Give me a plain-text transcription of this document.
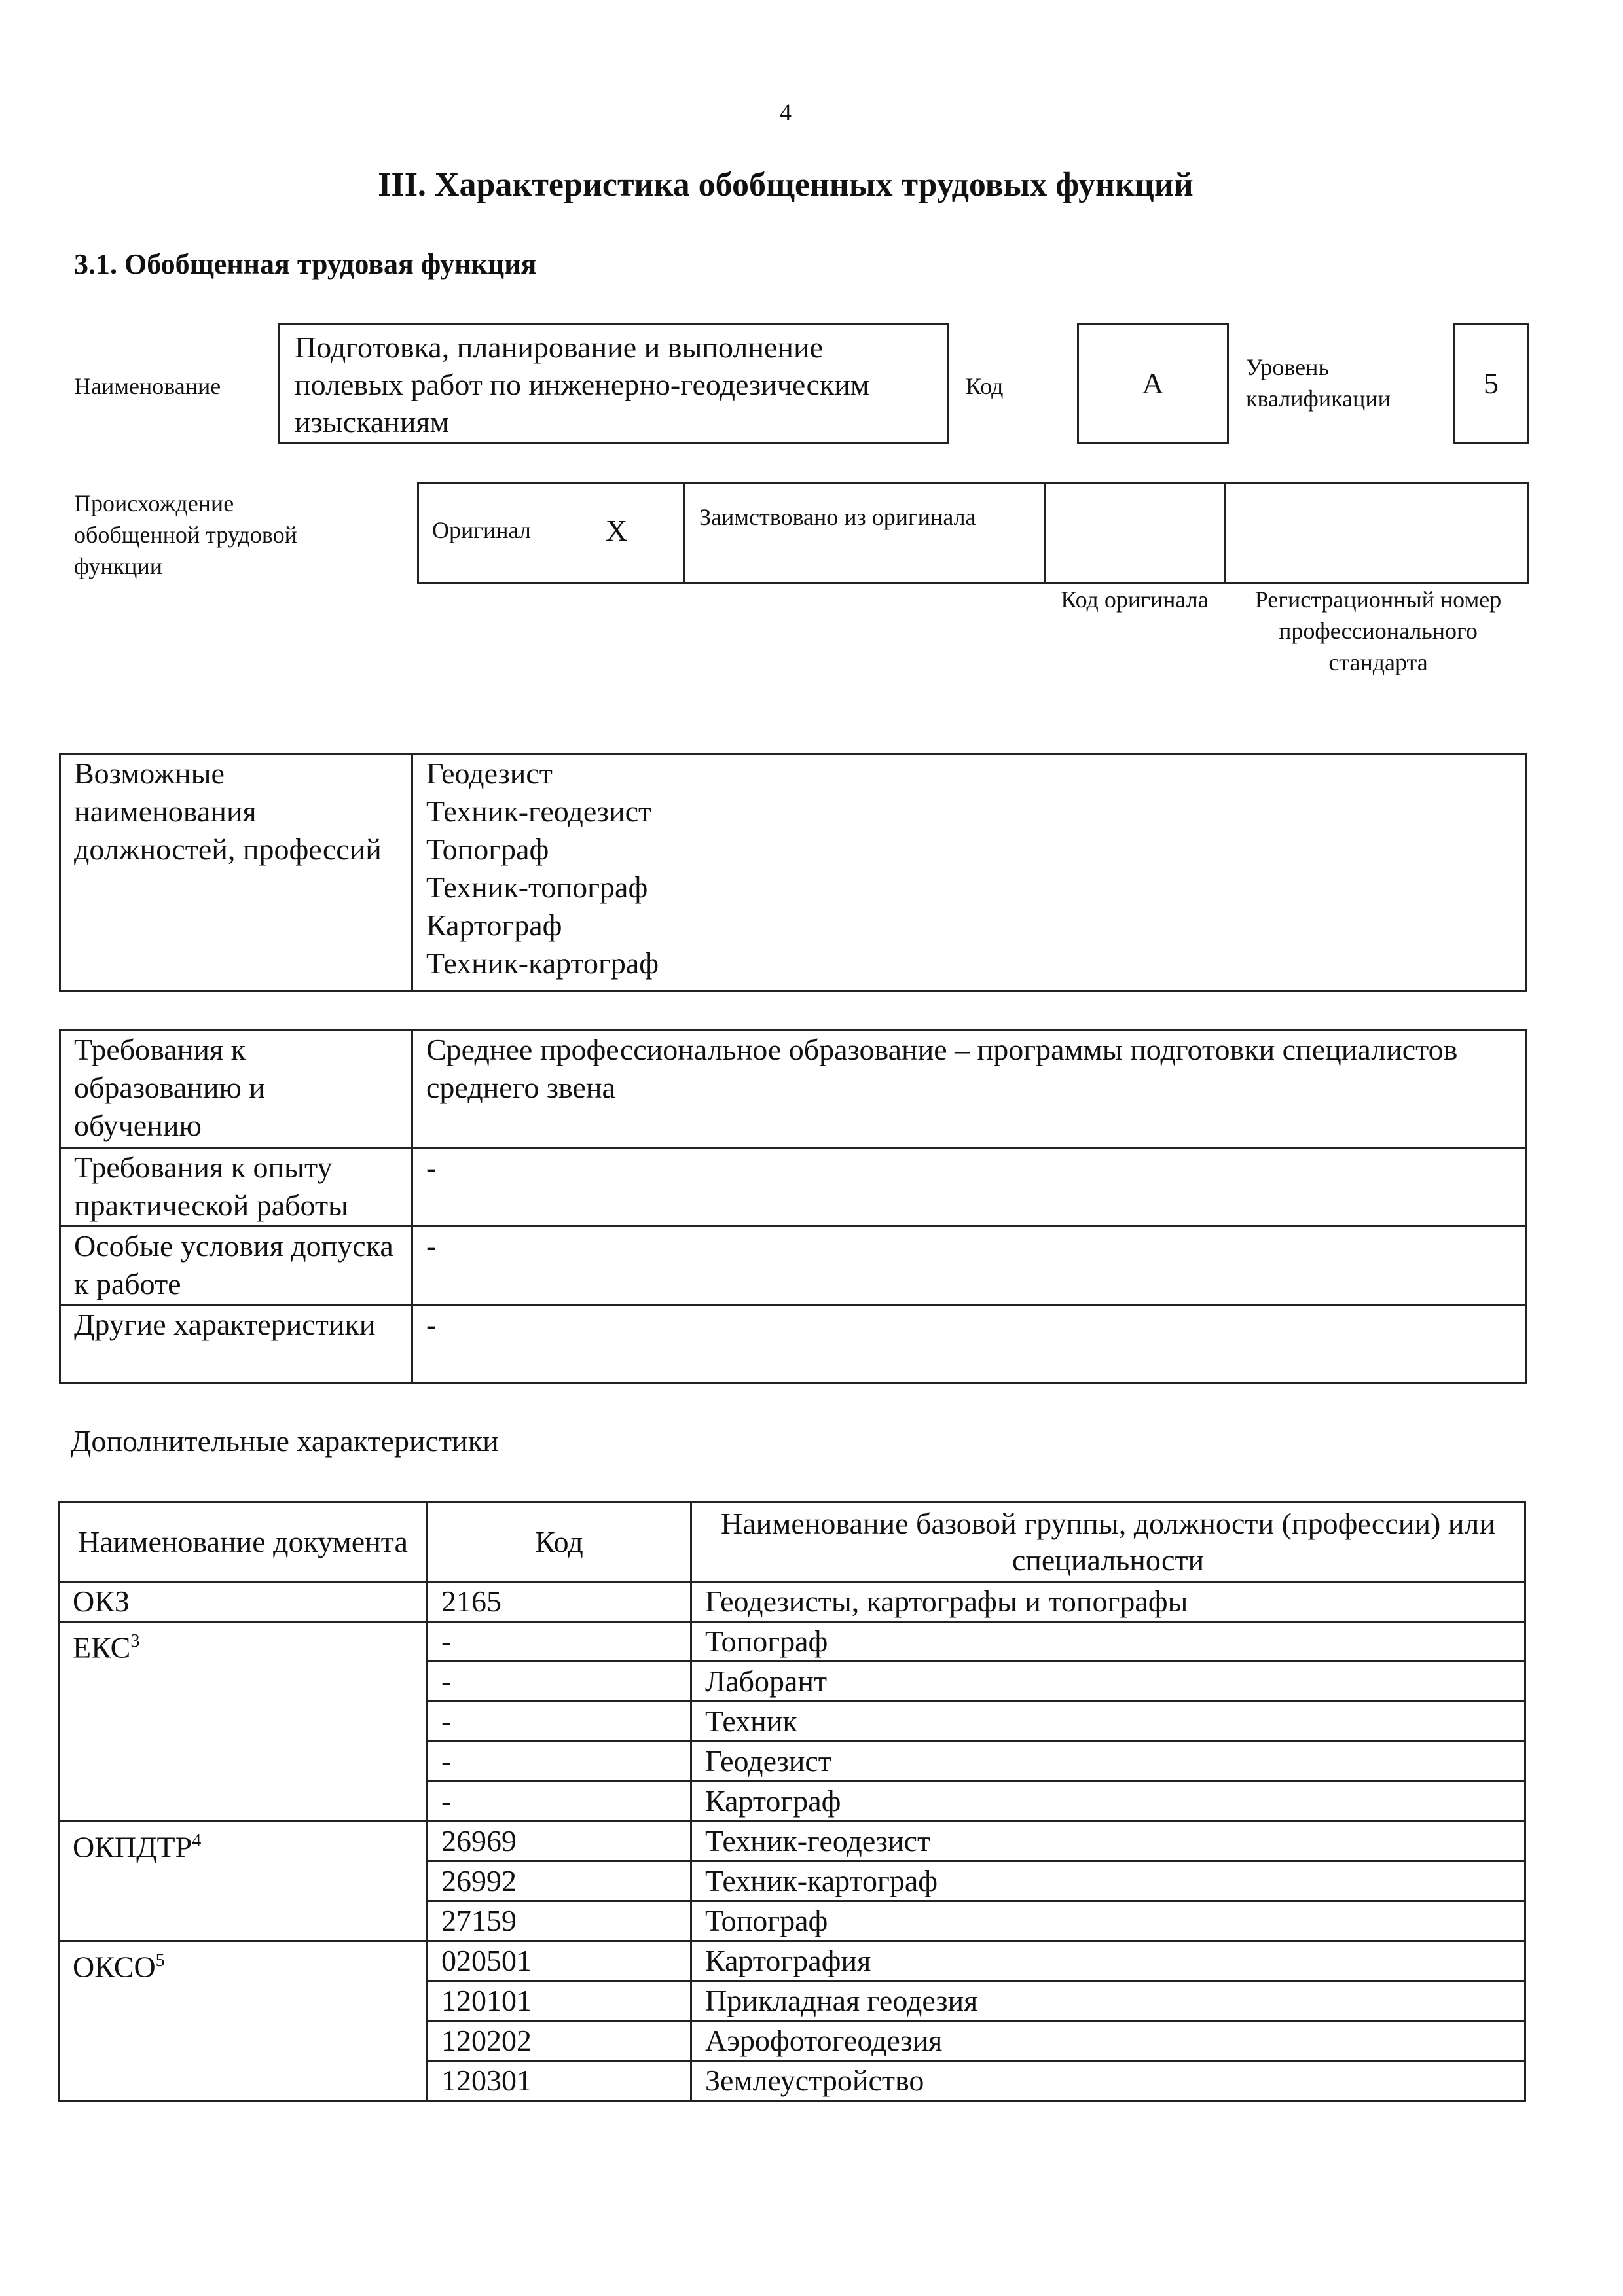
4
III. Характеристика обобщенных трудовых функций
3.1. Обобщенная трудовая функция
Наименование
Подготовка, планирование и выполнение полевых работ по инженерно-геодезическим изысканиям
Код	А	Уровень квалификации	5
Происхождение обобщенной трудовой функции
Оригинал Х	Заимствовано из оригинала
Код оригинала	Регистрационный номер профессионального стандарта
Возможные наименования должностей, профессий	
Геодезист
Техник-геодезист
Топограф
Техник-топограф
Картограф
Техник-картограф
Требования к образованию и обучению	Среднее профессиональное образование – программы подготовки специалистов среднего звена
Требования к опыту практической работы	-
Особые условия допуска к работе	-
Другие характеристики	-
Дополнительные характеристики
Наименование документа	Код	Наименование базовой группы, должности (профессии) или специальности
ОКЗ	2165	Геодезисты, картографы и топографы
ЕКС$^3$	-	Топограф
	-	Лаборант
	-	Техник
	-	Геодезист
	-	Картограф
ОКПДТР$^4$	26969	Техник-геодезист
	26992	Техник-картограф
	27159	Топограф
ОКСО$^5$	020501	Картография
	120101	Прикладная геодезия
	120202	Аэрофотогеодезия
	120301	Землеустройство
